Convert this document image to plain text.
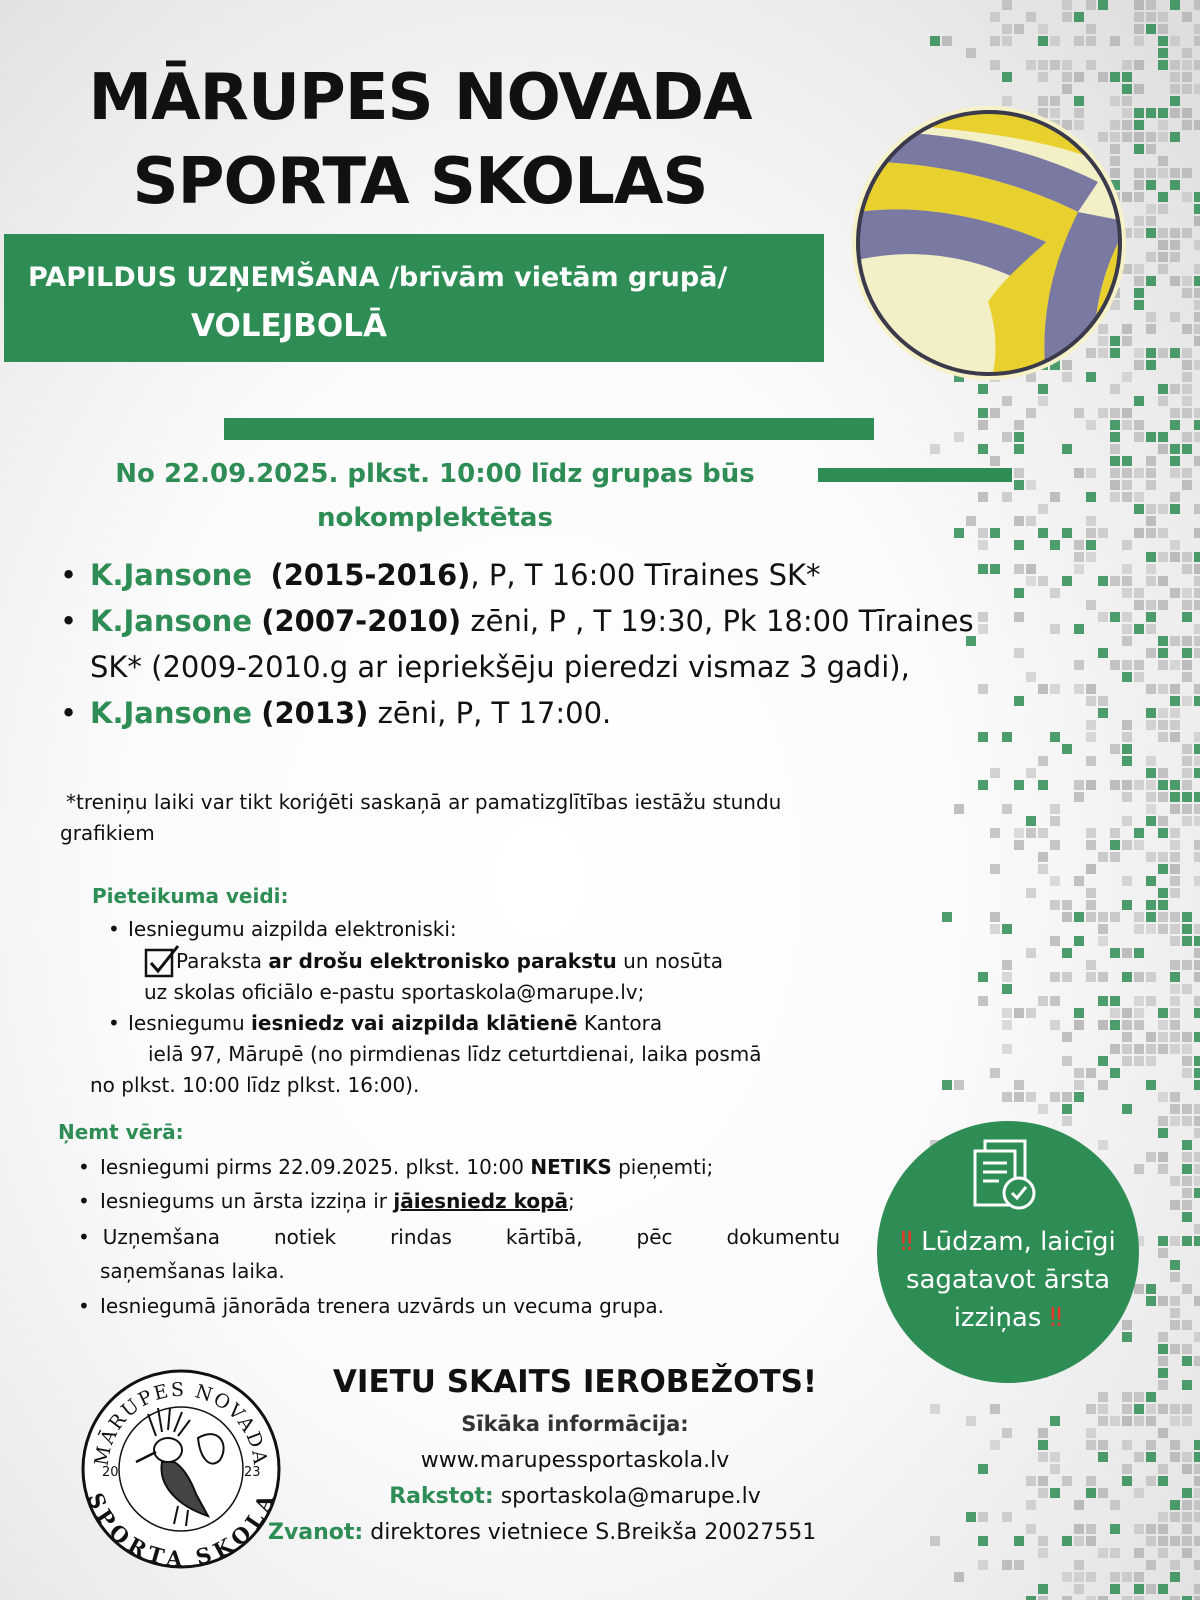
MĀRUPES NOVADA
SPORTA SKOLAS
PAPILDUS UZŅEMŠANA /brīvām vietām grupā/
VOLEJBOLĀ
No 22.09.2025. plkst. 10:00 līdz grupas būs
nokomplektētas
• K.Jansone (2015-2016), P, T 16:00 Tīraines SK*
• K.Jansone (2007-2010) zēni, P , T 19:30, Pk 18:00 Tīraines
SK* (2009-2010.g ar iepriekšēju pieredzi vismaz 3 gadi),
• K.Jansone (2013) zēni, P, T 17:00.
*treniņu laiki var tikt koriģēti saskaņā ar pamatizglītības iestāžu stundu
grafikiem
Pieteikuma veidi:
• Iesniegumu aizpilda elektroniski:
Paraksta ar drošu elektronisko parakstu un nosūta
uz skolas oficiālo e-pastu sportaskola@marupe.lv;
• Iesniegumu iesniedz vai aizpilda klātienē Kantora
ielā 97, Mārupē (no pirmdienas līdz ceturtdienai, laika posmā
no plkst. 10:00 līdz plkst. 16:00).
Ņemt vērā:
• Iesniegumi pirms 22.09.2025. plkst. 10:00 NETIKS pieņemti;
• Iesniegums un ārsta izziņa ir jāiesniedz kopā;
• Uzņemšana	notiek	rindas	kārtībā,	pēc	dokumentu
saņemšanas laika.
• Iesniegumā jānorāda trenera uzvārds un vecuma grupa.
‼ Lūdzam, laicīgi
sagatavot ārsta
izziņas ‼
MĀRUPES NOVADA
SPORTA SKOLA
20	23
VIETU SKAITS IEROBEŽOTS!
Sīkāka informācija:
www.marupessportaskola.lv
Rakstot: sportaskola@marupe.lv
Zvanot: direktores vietniece S.Breikša 20027551
